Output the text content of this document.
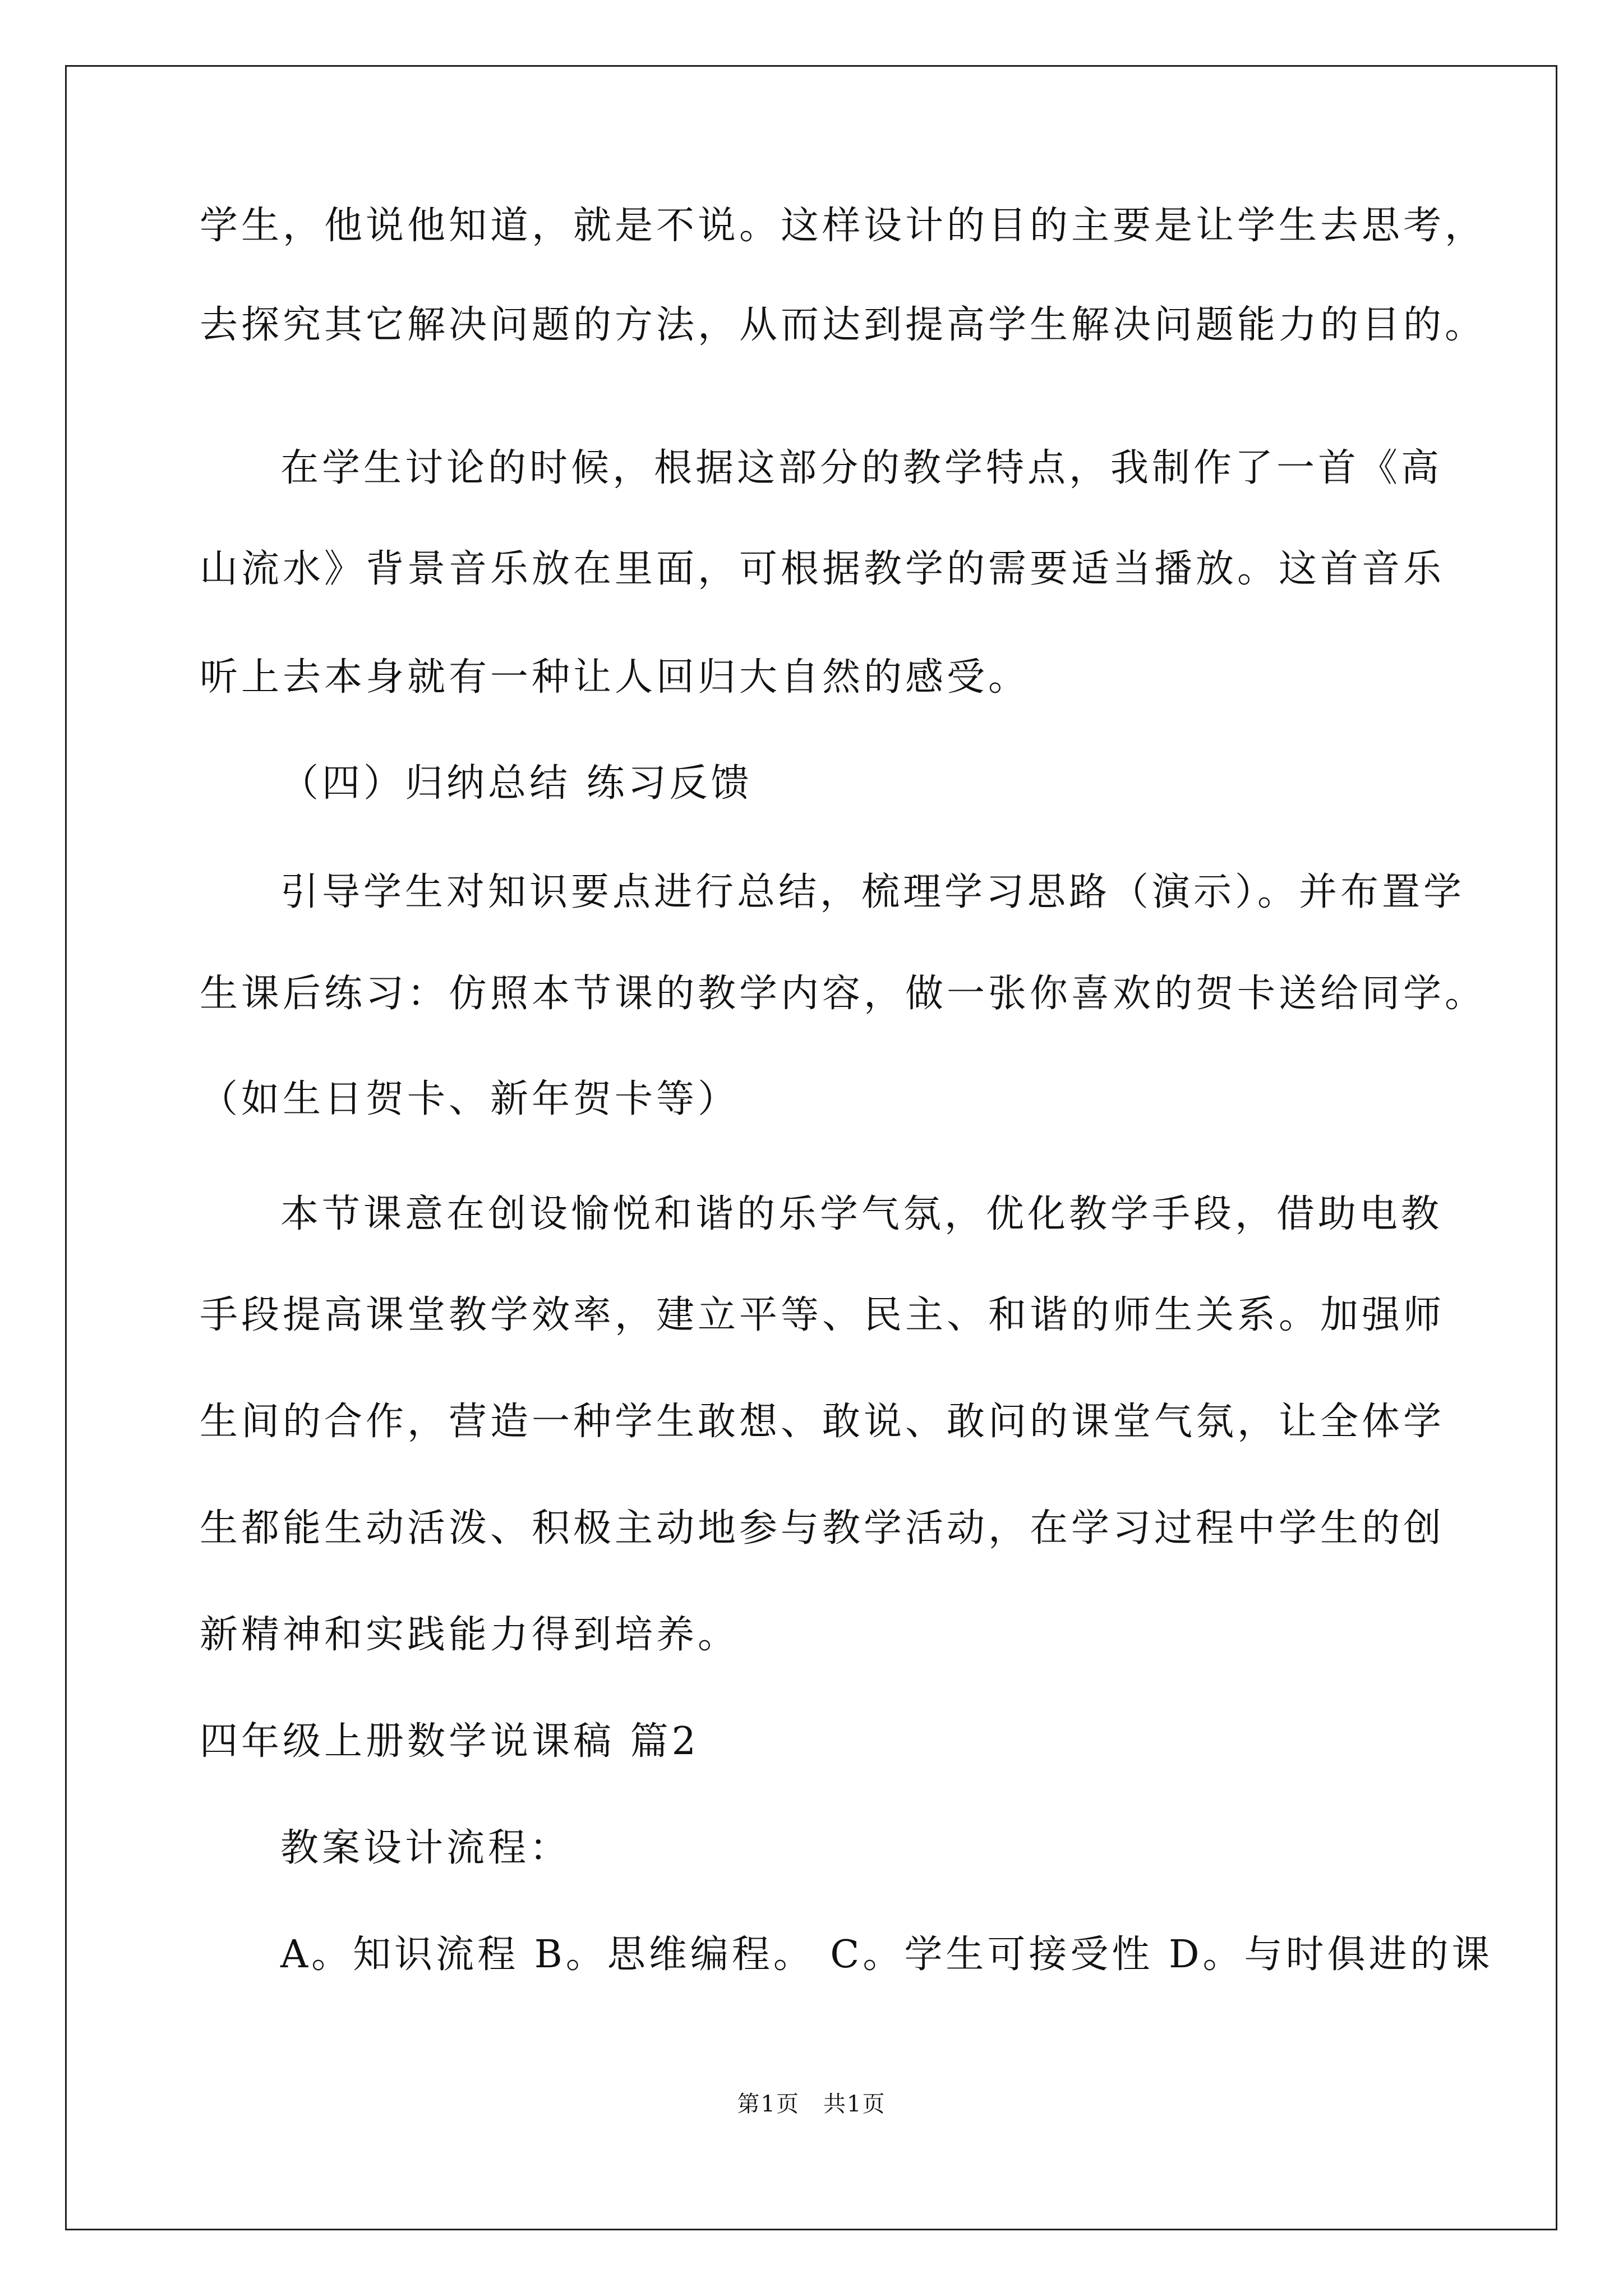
学生，他说他知道，就是不说。这样设计的目的主要是让学生去思考，
去探究其它解决问题的方法，从而达到提高学生解决问题能力的目的。
在学生讨论的时候，根据这部分的教学特点，我制作了一首《高
山流水》背景音乐放在里面，可根据教学的需要适当播放。这首音乐
听上去本身就有一种让人回归大自然的感受。
（四）归纳总结 练习反馈
引导学生对知识要点进行总结，梳理学习思路（演示）。并布置学
生课后练习：仿照本节课的教学内容，做一张你喜欢的贺卡送给同学。
（如生日贺卡、新年贺卡等）
本节课意在创设愉悦和谐的乐学气氛，优化教学手段，借助电教
手段提高课堂教学效率，建立平等、民主、和谐的师生关系。加强师
生间的合作，营造一种学生敢想、敢说、敢问的课堂气氛，让全体学
生都能生动活泼、积极主动地参与教学活动，在学习过程中学生的创
新精神和实践能力得到培养。
四年级上册数学说课稿 篇2
教案设计流程：
A。知识流程 B。思维编程。 C。学生可接受性 D。与时俱进的课
第1页　共1页
